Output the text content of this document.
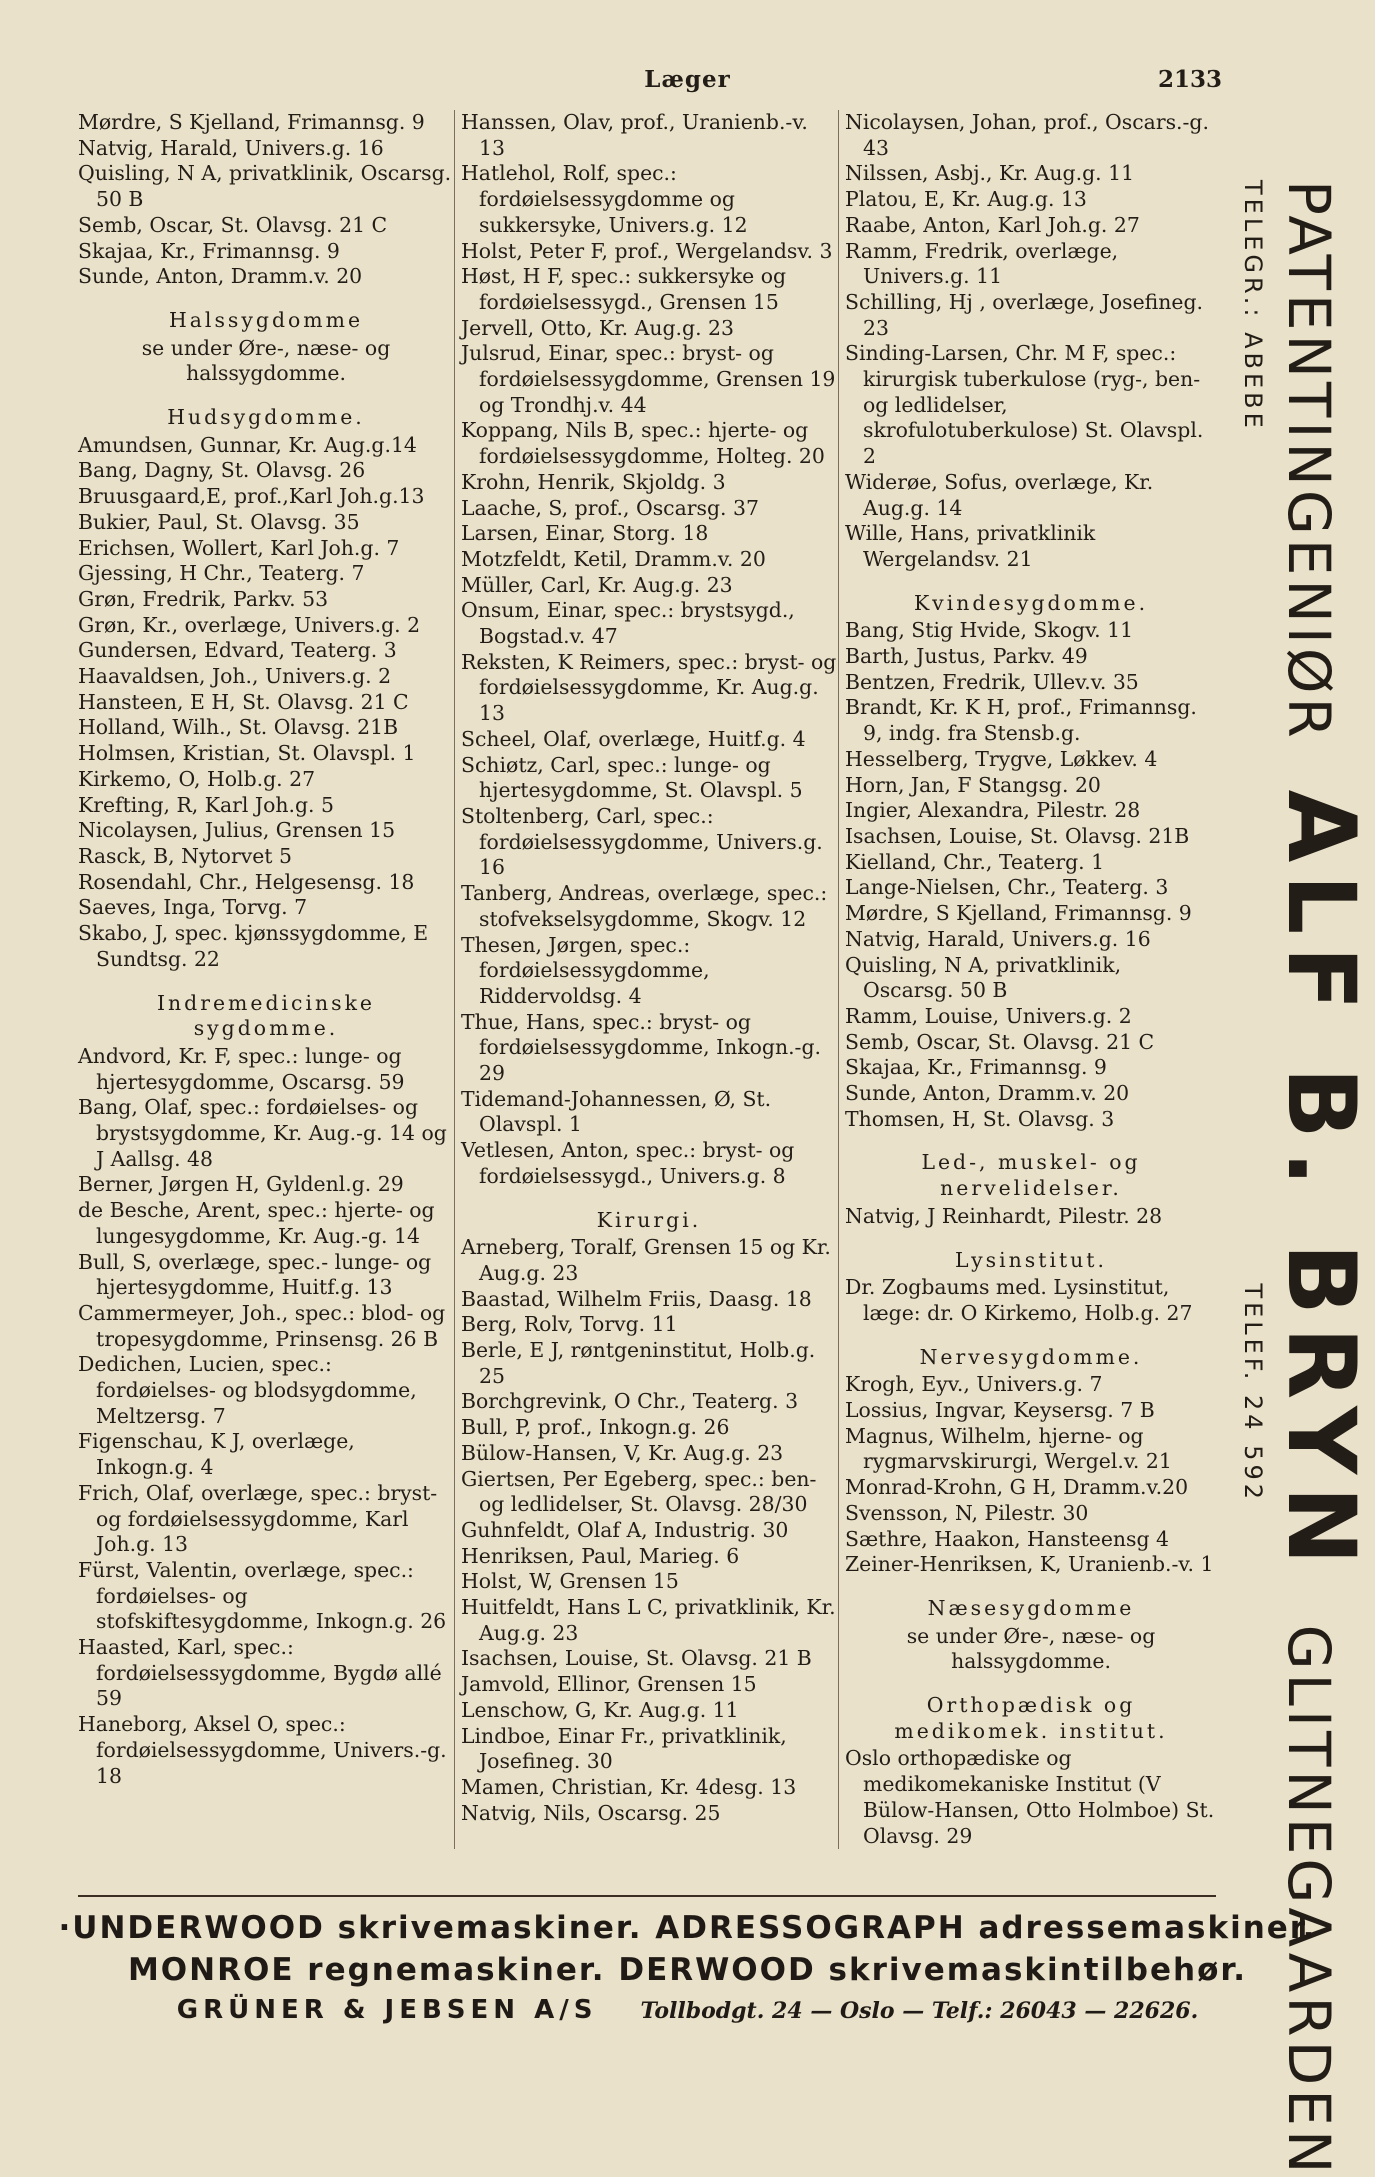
Læger	2133
Mørdre, S Kjelland, Frimannsg. 9
Natvig, Harald, Univers.g. 16
Quisling, N A, privatklinik, Oscarsg. 50 B
Semb, Oscar, St. Olavsg. 21 C
Skajaa, Kr., Frimannsg. 9
Sunde, Anton, Dramm.v. 20
Halssygdomme
se under Øre-, næse- og halssygdomme.
Hudsygdomme.
Amundsen, Gunnar, Kr. Aug.g.14
Bang, Dagny, St. Olavsg. 26
Bruusgaard,E, prof.,Karl Joh.g.13
Bukier, Paul, St. Olavsg. 35
Erichsen, Wollert, Karl Joh.g. 7
Gjessing, H Chr., Teaterg. 7
Grøn, Fredrik, Parkv. 53
Grøn, Kr., overlæge, Univers.g. 2
Gundersen, Edvard, Teaterg. 3
Haavaldsen, Joh., Univers.g. 2
Hansteen, E H, St. Olavsg. 21 C
Holland, Wilh., St. Olavsg. 21B
Holmsen, Kristian, St. Olavspl. 1
Kirkemo, O, Holb.g. 27
Krefting, R, Karl Joh.g. 5
Nicolaysen, Julius, Grensen 15
Rasck, B, Nytorvet 5
Rosendahl, Chr., Helgesensg. 18
Saeves, Inga, Torvg. 7
Skabo, J, spec. kjønssygdomme, E Sundtsg. 22
Indremedicinske sygdomme.
Andvord, Kr. F, spec.: lunge- og hjertesygdomme, Oscarsg. 59
Bang, Olaf, spec.: fordøielses- og brystsygdomme, Kr. Aug.-g. 14 og J Aallsg. 48
Berner, Jørgen H, Gyldenl.g. 29
de Besche, Arent, spec.: hjerte- og lungesygdomme, Kr. Aug.-g. 14
Bull, S, overlæge, spec.- lunge- og hjertesygdomme, Huitf.g. 13
Cammermeyer, Joh., spec.: blod- og tropesygdomme, Prinsensg. 26 B
Dedichen, Lucien, spec.: fordøielses- og blodsygdomme, Meltzersg. 7
Figenschau, K J, overlæge, Inkogn.g. 4
Frich, Olaf, overlæge, spec.: bryst- og fordøielsessygdomme, Karl Joh.g. 13
Fürst, Valentin, overlæge, spec.: fordøielses- og stofskiftesygdomme, Inkogn.g. 26
Haasted, Karl, spec.: fordøielsessygdomme, Bygdø allé 59
Haneborg, Aksel O, spec.: fordøielsessygdomme, Univers.-g. 18
Hanssen, Olav, prof., Uranienb.-v. 13
Hatlehol, Rolf, spec.: fordøielsessygdomme og sukkersyke, Univers.g. 12
Holst, Peter F, prof., Wergelandsv. 3
Høst, H F, spec.: sukkersyke og fordøielsessygd., Grensen 15
Jervell, Otto, Kr. Aug.g. 23
Julsrud, Einar, spec.: bryst- og fordøielsessygdomme, Grensen 19 og Trondhj.v. 44
Koppang, Nils B, spec.: hjerte- og fordøielsessygdomme, Holteg. 20
Krohn, Henrik, Skjoldg. 3
Laache, S, prof., Oscarsg. 37
Larsen, Einar, Storg. 18
Motzfeldt, Ketil, Dramm.v. 20
Müller, Carl, Kr. Aug.g. 23
Onsum, Einar, spec.: brystsygd., Bogstad.v. 47
Reksten, K Reimers, spec.: bryst- og fordøielsessygdomme, Kr. Aug.g. 13
Scheel, Olaf, overlæge, Huitf.g. 4
Schiøtz, Carl, spec.: lunge- og hjertesygdomme, St. Olavspl. 5
Stoltenberg, Carl, spec.: fordøielsessygdomme, Univers.g. 16
Tanberg, Andreas, overlæge, spec.: stofvekselsygdomme, Skogv. 12
Thesen, Jørgen, spec.: fordøielsessygdomme, Riddervoldsg. 4
Thue, Hans, spec.: bryst- og fordøielsessygdomme, Inkogn.-g. 29
Tidemand-Johannessen, Ø, St. Olavspl. 1
Vetlesen, Anton, spec.: bryst- og fordøielsessygd., Univers.g. 8
Kirurgi.
Arneberg, Toralf, Grensen 15 og Kr. Aug.g. 23
Baastad, Wilhelm Friis, Daasg. 18
Berg, Rolv, Torvg. 11
Berle, E J, røntgeninstitut, Holb.g. 25
Borchgrevink, O Chr., Teaterg. 3
Bull, P, prof., Inkogn.g. 26
Bülow-Hansen, V, Kr. Aug.g. 23
Giertsen, Per Egeberg, spec.: ben- og ledlidelser, St. Olavsg. 28/30
Guhnfeldt, Olaf A, Industrig. 30
Henriksen, Paul, Marieg. 6
Holst, W, Grensen 15
Huitfeldt, Hans L C, privatklinik, Kr. Aug.g. 23
Isachsen, Louise, St. Olavsg. 21 B
Jamvold, Ellinor, Grensen 15
Lenschow, G, Kr. Aug.g. 11
Lindboe, Einar Fr., privatklinik, Josefineg. 30
Mamen, Christian, Kr. 4desg. 13
Natvig, Nils, Oscarsg. 25
Nicolaysen, Johan, prof., Oscars.-g. 43
Nilssen, Asbj., Kr. Aug.g. 11
Platou, E, Kr. Aug.g. 13
Raabe, Anton, Karl Joh.g. 27
Ramm, Fredrik, overlæge, Univers.g. 11
Schilling, Hj , overlæge, Josefineg. 23
Sinding-Larsen, Chr. M F, spec.: kirurgisk tuberkulose (ryg-, ben- og ledlidelser, skrofulotuberkulose) St. Olavspl. 2
Widerøe, Sofus, overlæge, Kr. Aug.g. 14
Wille, Hans, privatklinik Wergelandsv. 21
Kvindesygdomme.
Bang, Stig Hvide, Skogv. 11
Barth, Justus, Parkv. 49
Bentzen, Fredrik, Ullev.v. 35
Brandt, Kr. K H, prof., Frimannsg. 9, indg. fra Stensb.g.
Hesselberg, Trygve, Løkkev. 4
Horn, Jan, F Stangsg. 20
Ingier, Alexandra, Pilestr. 28
Isachsen, Louise, St. Olavsg. 21B
Kielland, Chr., Teaterg. 1
Lange-Nielsen, Chr., Teaterg. 3
Mørdre, S Kjelland, Frimannsg. 9
Natvig, Harald, Univers.g. 16
Quisling, N A, privatklinik, Oscarsg. 50 B
Ramm, Louise, Univers.g. 2
Semb, Oscar, St. Olavsg. 21 C
Skajaa, Kr., Frimannsg. 9
Sunde, Anton, Dramm.v. 20
Thomsen, H, St. Olavsg. 3
Led-, muskel- og nervelidelser.
Natvig, J Reinhardt, Pilestr. 28
Lysinstitut.
Dr. Zogbaums med. Lysinstitut, læge: dr. O Kirkemo, Holb.g. 27
Nervesygdomme.
Krogh, Eyv., Univers.g. 7
Lossius, Ingvar, Keysersg. 7 B
Magnus, Wilhelm, hjerne- og rygmarvskirurgi, Wergel.v. 21
Monrad-Krohn, G H, Dramm.v.20
Svensson, N, Pilestr. 30
Sæthre, Haakon, Hansteensg 4
Zeiner-Henriksen, K, Uranienb.-v. 1
Næsesygdomme
se under Øre-, næse- og halssygdomme.
Orthopædisk og medikomek. institut.
Oslo orthopædiske og medikomekaniske Institut (V Bülow-Hansen, Otto Holmboe) St. Olavsg. 29
PATENTINGENIØR ALF B. BRYN GLITNEGAARDEN
TELEGR.: ABEBE TELEF. 24 592
·UNDERWOOD skrivemaskiner. ADRESSOGRAPH adressemaskiner.
MONROE regnemaskiner. DERWOOD skrivemaskintilbehør.
GRÜNER & JEBSEN A/S Tollbodgt. 24 — Oslo — Telf.: 26043 — 22626.
